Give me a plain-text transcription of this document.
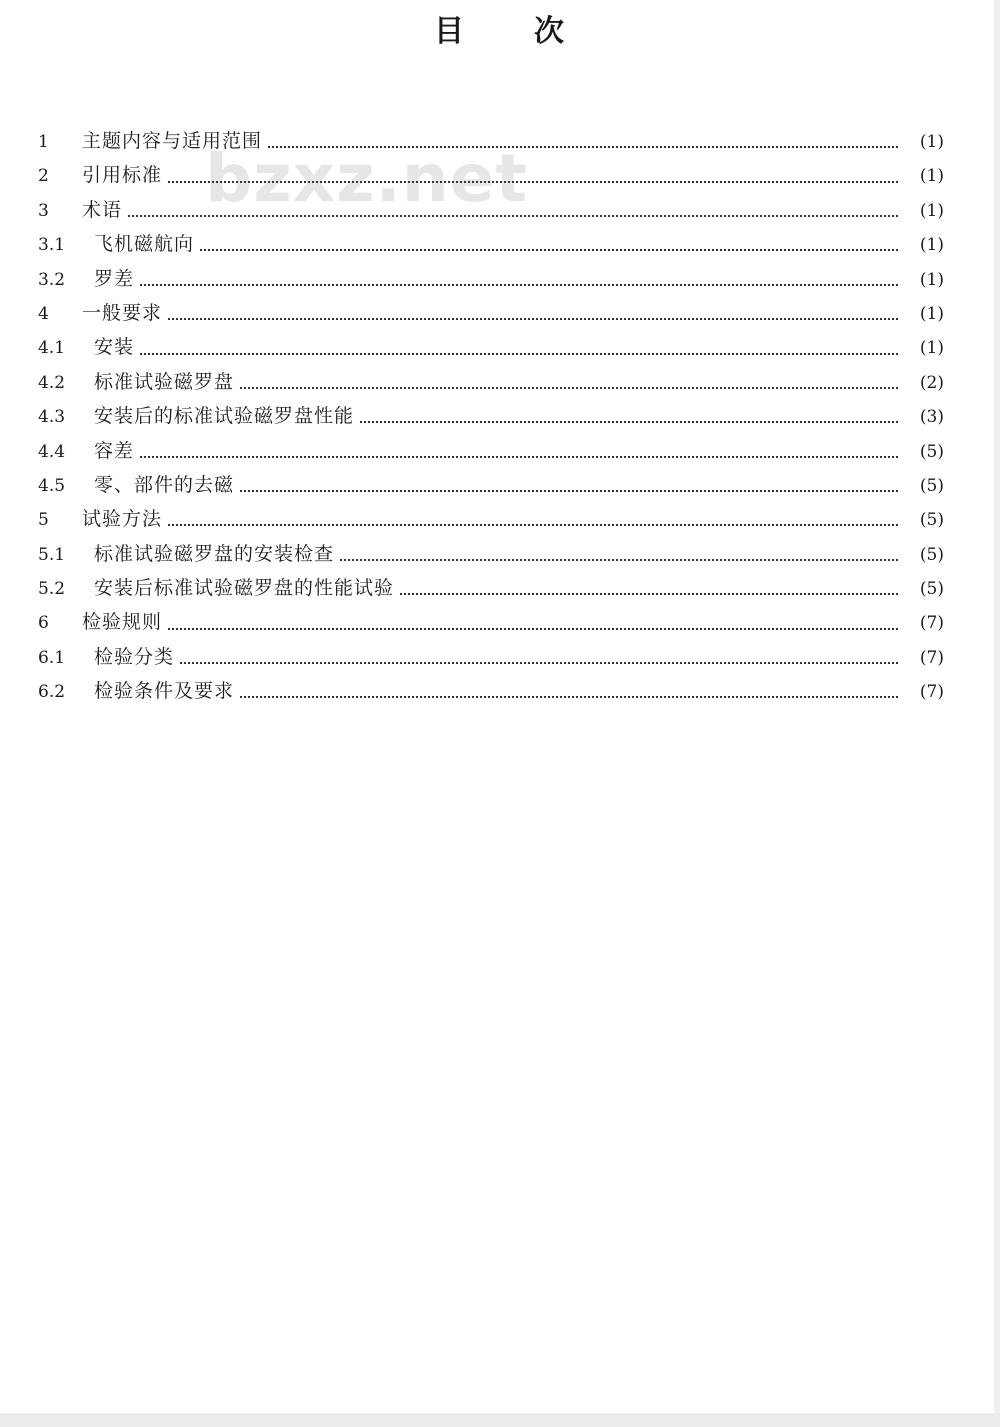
目 次
bzxz.net
1	主题内容与适用范围	(1)
2	引用标准	(1)
3	术语	(1)
3.1	飞机磁航向	(1)
3.2	罗差	(1)
4	一般要求	(1)
4.1	安装	(1)
4.2	标准试验磁罗盘	(2)
4.3	安装后的标准试验磁罗盘性能	(3)
4.4	容差	(5)
4.5	零、部件的去磁	(5)
5	试验方法	(5)
5.1	标准试验磁罗盘的安装检查	(5)
5.2	安装后标准试验磁罗盘的性能试验	(5)
6	检验规则	(7)
6.1	检验分类	(7)
6.2	检验条件及要求	(7)
